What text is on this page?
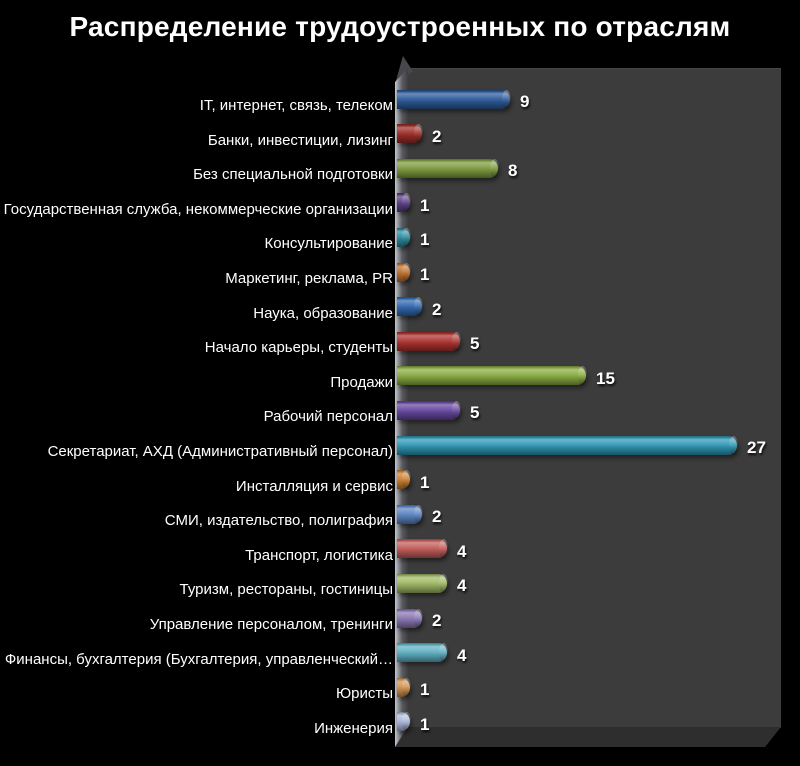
Распределение трудоустроенных по отраслям
IT, интернет, связь, телеком	9
Банки, инвестиции, лизинг 2
Без специальной подготовки	8
Государственная служба, некоммерческие организации 1
Консультирование 1
Маркетинг, реклама, PR 1
Наука, образование 2
Начало карьеры, студенты	5
Продажи	15
Рабочий персонал	5
Секретариат, АХД (Административный персонал)	27
Инсталляция и сервис 1
СМИ, издательство, полиграфия 2
Транспорт, логистика	4
Туризм, рестораны, гостиницы	4
Управление персоналом, тренинги 2
Финансы, бухгалтерия (Бухгалтерия, управленческий…	4
Юристы 1
Инженерия 1
